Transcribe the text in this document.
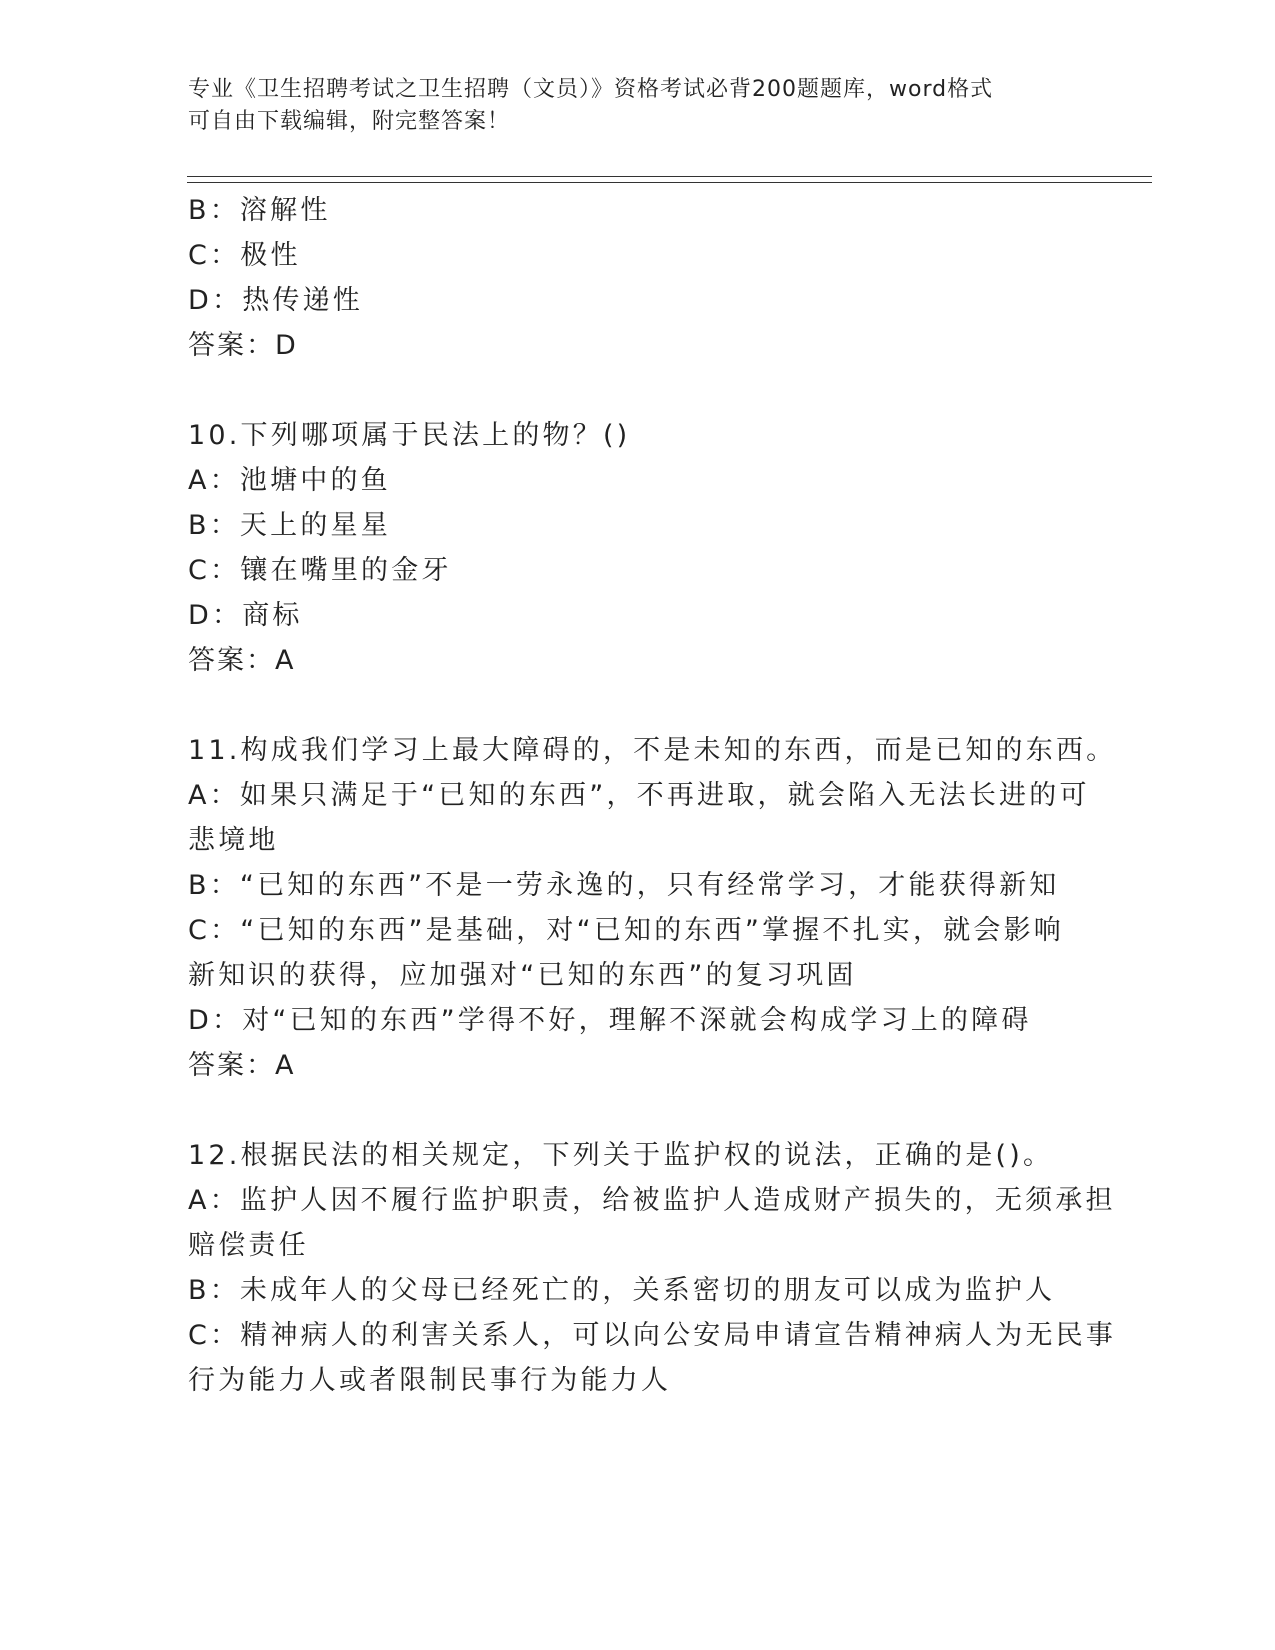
专业《卫生招聘考试之卫生招聘（文员）》资格考试必背200题题库，word格式
可自由下载编辑，附完整答案！
B：溶解性
C：极性
D：热传递性
答案：D
10.下列哪项属于民法上的物？()
A：池塘中的鱼
B：天上的星星
C：镶在嘴里的金牙
D：商标
答案：A
11.构成我们学习上最大障碍的，不是未知的东西，而是已知的东西。
A：如果只满足于“已知的东西”，不再进取，就会陷入无法长进的可
悲境地
B：“已知的东西”不是一劳永逸的，只有经常学习，才能获得新知
C：“已知的东西”是基础，对“已知的东西”掌握不扎实，就会影响
新知识的获得，应加强对“已知的东西”的复习巩固
D：对“已知的东西”学得不好，理解不深就会构成学习上的障碍
答案：A
12.根据民法的相关规定，下列关于监护权的说法，正确的是()。
A：监护人因不履行监护职责，给被监护人造成财产损失的，无须承担
赔偿责任
B：未成年人的父母已经死亡的，关系密切的朋友可以成为监护人
C：精神病人的利害关系人，可以向公安局申请宣告精神病人为无民事
行为能力人或者限制民事行为能力人
